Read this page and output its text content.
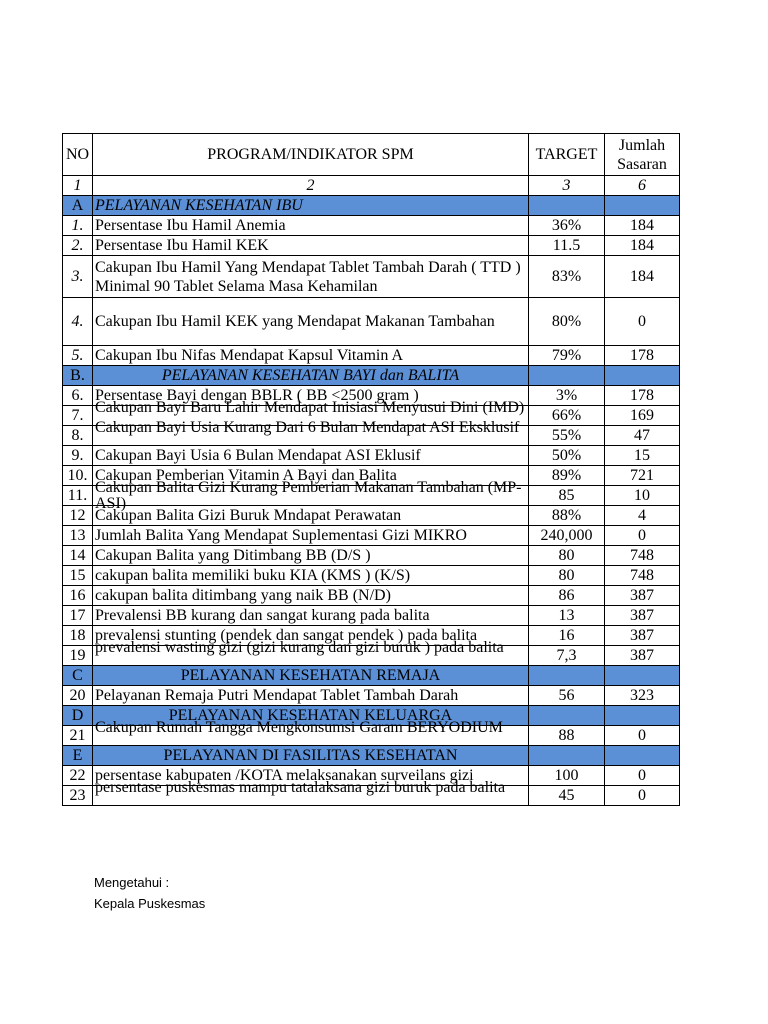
NO	PROGRAM/INDIKATOR SPM	TARGET	Jumlah
Sasaran
1	2	3	6
A	PELAYANAN KESEHATAN IBU		
1.	Persentase Ibu Hamil Anemia	36%	184
2.	Persentase Ibu Hamil KEK	11.5	184
3.	Cakupan Ibu Hamil Yang Mendapat Tablet Tambah Darah ( TTD ) Minimal 90 Tablet Selama Masa Kehamilan	83%	184
4.	Cakupan Ibu Hamil KEK yang Mendapat Makanan Tambahan	80%	0
5.	Cakupan Ibu Nifas Mendapat Kapsul Vitamin A	79%	178
B.	PELAYANAN KESEHATAN BAYI dan BALITA		
6.	Persentase Bayi dengan BBLR ( BB <2500 gram )	3%	178
7.	Cakupan Bayi Baru Lahir Mendapat Inisiasi Menyusui Dini (IMD)	66%	169
8.	Cakupan Bayi Usia Kurang Dari 6 Bulan Mendapat ASI Eksklusif	55%	47
9.	Cakupan Bayi Usia 6 Bulan Mendapat ASI Eklusif	50%	15
10.	Cakupan Pemberian Vitamin A Bayi dan Balita	89%	721
11.	Cakupan Balita Gizi Kurang Pemberian Makanan Tambahan (MP-ASI)	85	10
12	Cakupan Balita Gizi Buruk Mndapat Perawatan	88%	4
13	Jumlah Balita Yang Mendapat Suplementasi Gizi MIKRO	240,000	0
14	Cakupan Balita yang Ditimbang BB (D/S )	80	748
15	cakupan balita memiliki buku KIA (KMS ) (K/S)	80	748
16	cakupan balita ditimbang yang naik BB (N/D)	86	387
17	Prevalensi BB kurang dan sangat kurang pada balita	13	387
18	prevalensi stunting (pendek dan sangat pendek ) pada balita	16	387
19	prevalensi wasting gizi (gizi kurang dan gizi buruk ) pada balita	7,3	387
C	PELAYANAN KESEHATAN REMAJA		
20	Pelayanan Remaja Putri Mendapat Tablet Tambah Darah	56	323
D	PELAYANAN KESEHATAN KELUARGA		
21	Cakupan Rumah Tangga Mengkonsumsi Garam BERYODIUM	88	0
E	PELAYANAN DI FASILITAS KESEHATAN		
22	persentase kabupaten /KOTA melaksanakan surveilans gizi	100	0
23	persentase puskesmas mampu tatalaksana gizi buruk pada balita	45	0
Mengetahui :
Kepala Puskesmas
